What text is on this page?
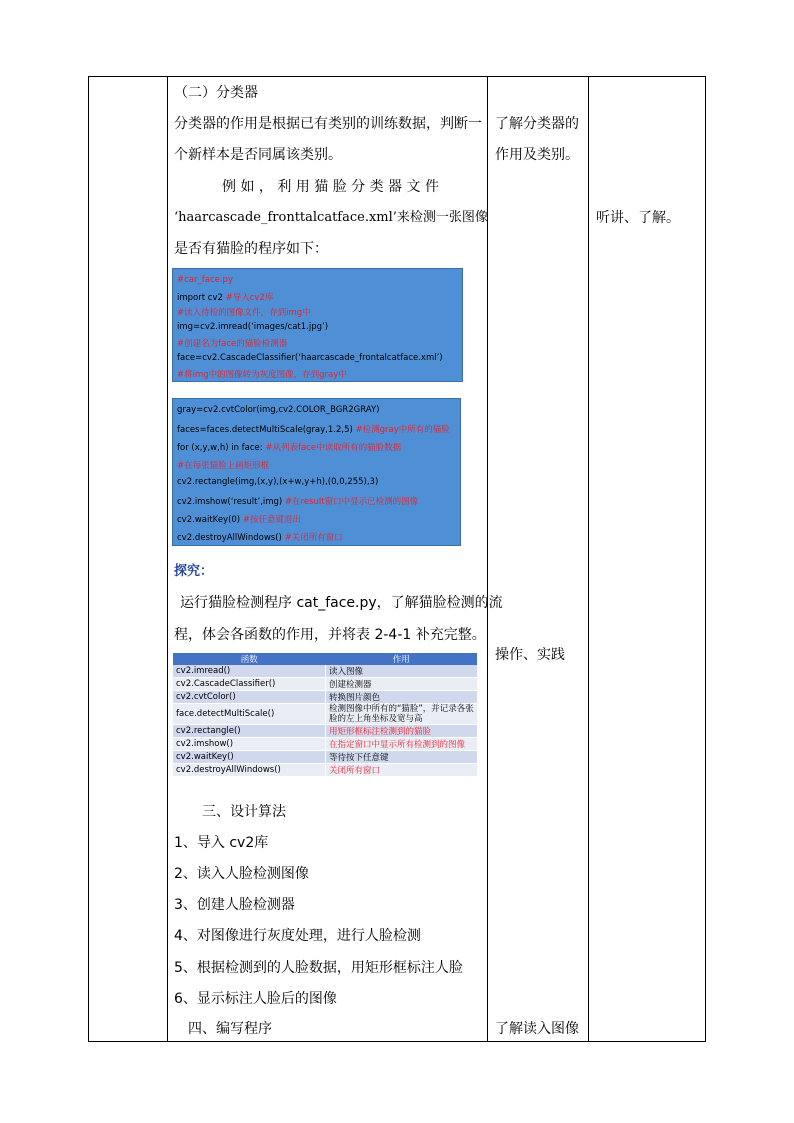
（二）分类器
分类器的作用是根据已有类别的训练数据，判断一
个新样本是否同属该类别。
例 如 ， 利 用 猫 脸 分 类 器 文 件
‘haarcascade_fronttalcatface.xml’来检测一张图像
是否有猫脸的程序如下：
#car_face.py
import cv2 #导入cv2库
#读入待检的图像文件，存到img中
img=cv2.imread(‘images/cat1.jpg’)
#创建名为face的猫脸检测器
face=cv2.CascadeClassifier(‘haarcascade_frontalcatface.xml’)
#将img中的图像转为灰度图像，存到gray中
gray=cv2.cvtColor(img,cv2.COLOR_BGR2GRAY)
faces=faces.detectMultiScale(gray,1.2,5) #检测gray中所有的猫脸
for (x,y,w,h) in face: #从列表face中读取所有的猫脸数据
#在每张猫脸上画矩形框
cv2.rectangle(img,(x,y),(x+w,y+h),(0,0,255),3)
cv2.imshow(‘result’,img) #在result窗口中显示已检测的图像
cv2.waitKey(0) #按任意键退出
cv2.destroyAllWindows() #关闭所有窗口
探究：
运行猫脸检测程序 cat_face.py，了解猫脸检测的流
程，体会各函数的作用，并将表 2-4-1 补充完整。
函数	作用
cv2.imread()	读入图像
cv2.CascadeClassifier()	创建检测器
cv2.cvtColor()	转换图片颜色
face.detectMultiScale()	检测图像中所有的“猫脸”，并记录各张脸的左上角坐标及宽与高
cv2.rectangle()	用矩形框标注检测到的猫脸
cv2.imshow()	在指定窗口中显示所有检测到的图像
cv2.waitKey()	等待按下任意键
cv2.destroyAllWindows()	关闭所有窗口
三、设计算法
1、导入 cv2库
2、读入人脸检测图像
3、创建人脸检测器
4、对图像进行灰度处理，进行人脸检测
5、根据检测到的人脸数据，用矩形框标注人脸
6、显示标注人脸后的图像
四、编写程序
了解分类器的
作用及类别。
操作、实践
了解读入图像
听讲、了解。
